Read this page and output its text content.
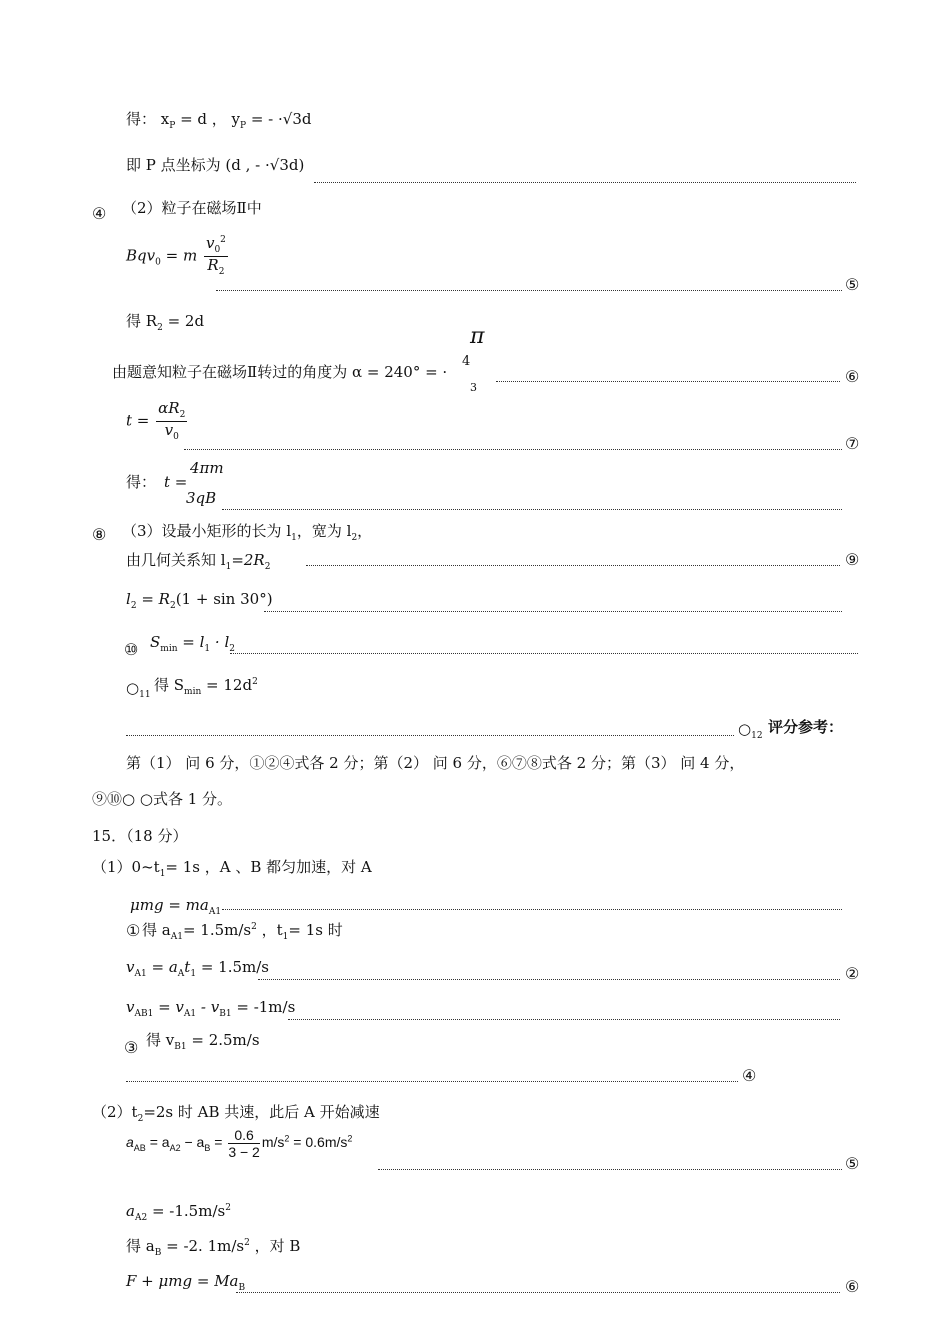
得： $x_P = d$ ， $y_P$ = - ·√3d
即 P 点坐标为 (d , - ·√3d)
④ （2）粒子在磁场Ⅱ中
Bqv$_0$ = m $\frac{v_0^2}{R_2}$
⑤
得 $R_2 = 2d$
π
由题意知粒子在磁场Ⅱ转过的角度为 α = 240° = ·
4
3
⑥
$t = \frac{\alpha R_2}{v_0}$
⑦
得： t =
4πm
3qB
⑧ （3）设最小矩形的长为 $l_1$，宽为 $l_2$，
由几何关系知 $l_1=2R_2$	⑨
$l_2 = R_2(1 + \sin 30^\circ)$
⑩ $S_{min} = l_1 \cdot l_2$
$○_{11}$
得 $S_{min} = 12d^2$
$○_{12}$ 评分参考：
第（1） 问 6 分，①②④式各 2 分；第（2） 问 6 分，⑥⑦⑧式各 2 分；第（3） 问 4 分，
⑨⑩○ ○式各 1 分。
15．（18 分）
$(1)0\sim t_1= 1s$ ，A 、B 都匀加速，对 A
$\mu mg = ma_{A1}$
① 得 $a_{A1}= 1.5m/s^2$ ，$t_1= 1s$ 时
$v_{A1} = a_At_1 = 1.5m/s$	②
$v_{AB1} = v_{A1} - v_{B1} = -1m/s$
③ 得 $v_{B1} = 2.5m/s$
④
$(2)t_2=2s$ 时 AB 共速，此后 A 开始减速
$a_{AB} = a_{A2} - a_B = \frac{0.6}{3 - 2} m/s^2 = 0.6m/s^2$
⑤
$a_{A2} = -1.5m/s^2$
得 $a_B = -2$. $1m/s^2$ ，对 B
$F + \mu mg = Ma_B$	⑥
